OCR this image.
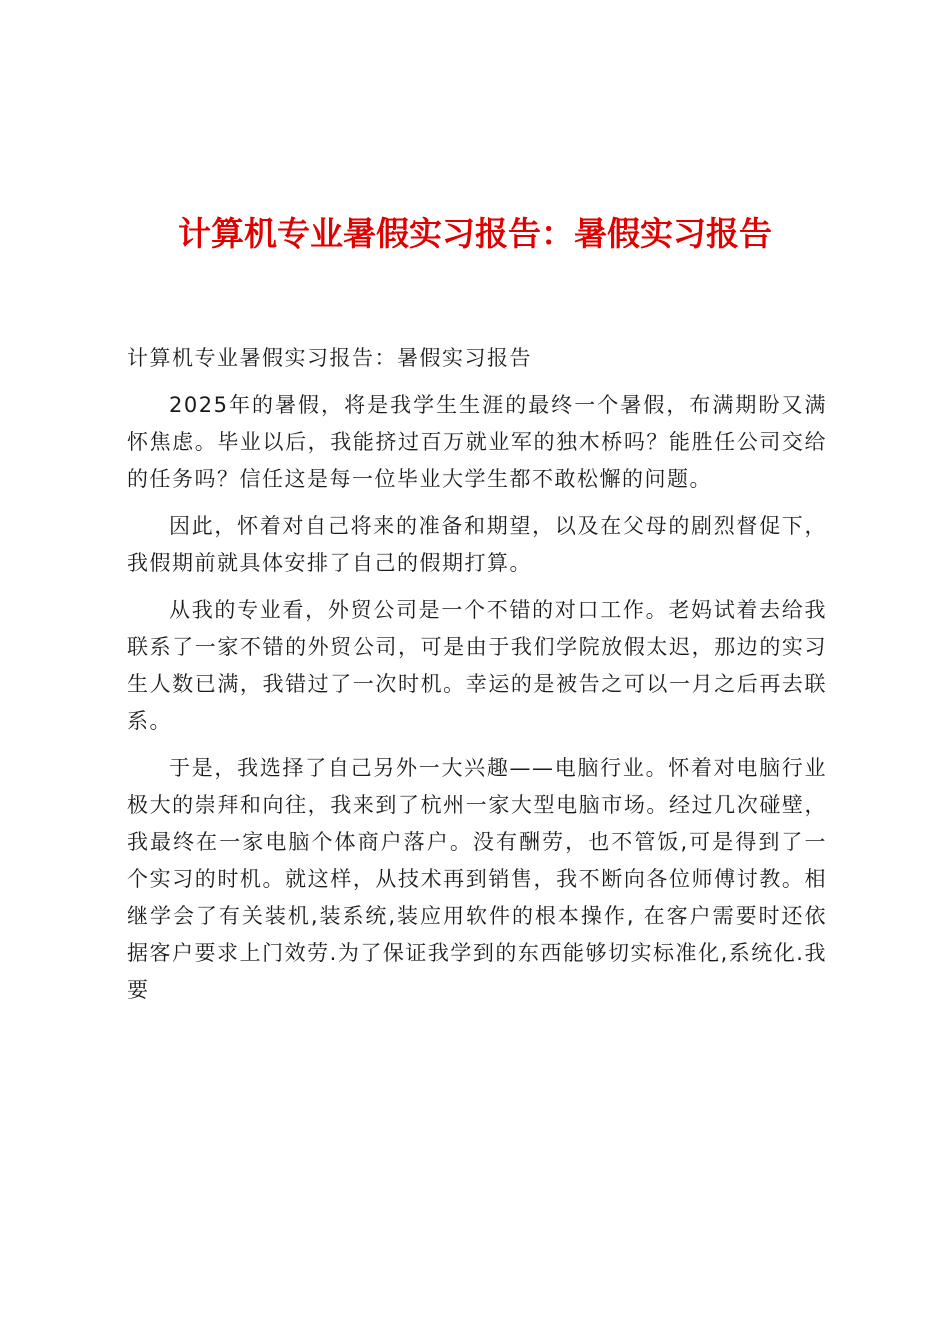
计算机专业暑假实习报告：暑假实习报告

计算机专业暑假实习报告：暑假实习报告

2025年的暑假，将是我学生生涯的最终一个暑假，布满期盼又满怀焦虑。毕业以后，我能挤过百万就业军的独木桥吗？能胜任公司交给的任务吗？信任这是每一位毕业大学生都不敢松懈的问题。

因此，怀着对自己将来的准备和期望，以及在父母的剧烈督促下，我假期前就具体安排了自己的假期打算。

从我的专业看，外贸公司是一个不错的对口工作。老妈试着去给我联系了一家不错的外贸公司，可是由于我们学院放假太迟，那边的实习生人数已满，我错过了一次时机。幸运的是被告之可以一月之后再去联系。

于是，我选择了自己另外一大兴趣——电脑行业。怀着对电脑行业极大的崇拜和向往，我来到了杭州一家大型电脑市场。经过几次碰壁，我最终在一家电脑个体商户落户。没有酬劳，也不管饭,可是得到了一个实习的时机。就这样，从技术再到销售，我不断向各位师傅讨教。相继学会了有关装机,装系统,装应用软件的根本操作, 在客户需要时还依据客户要求上门效劳.为了保证我学到的东西能够切实标准化,系统化.我要
